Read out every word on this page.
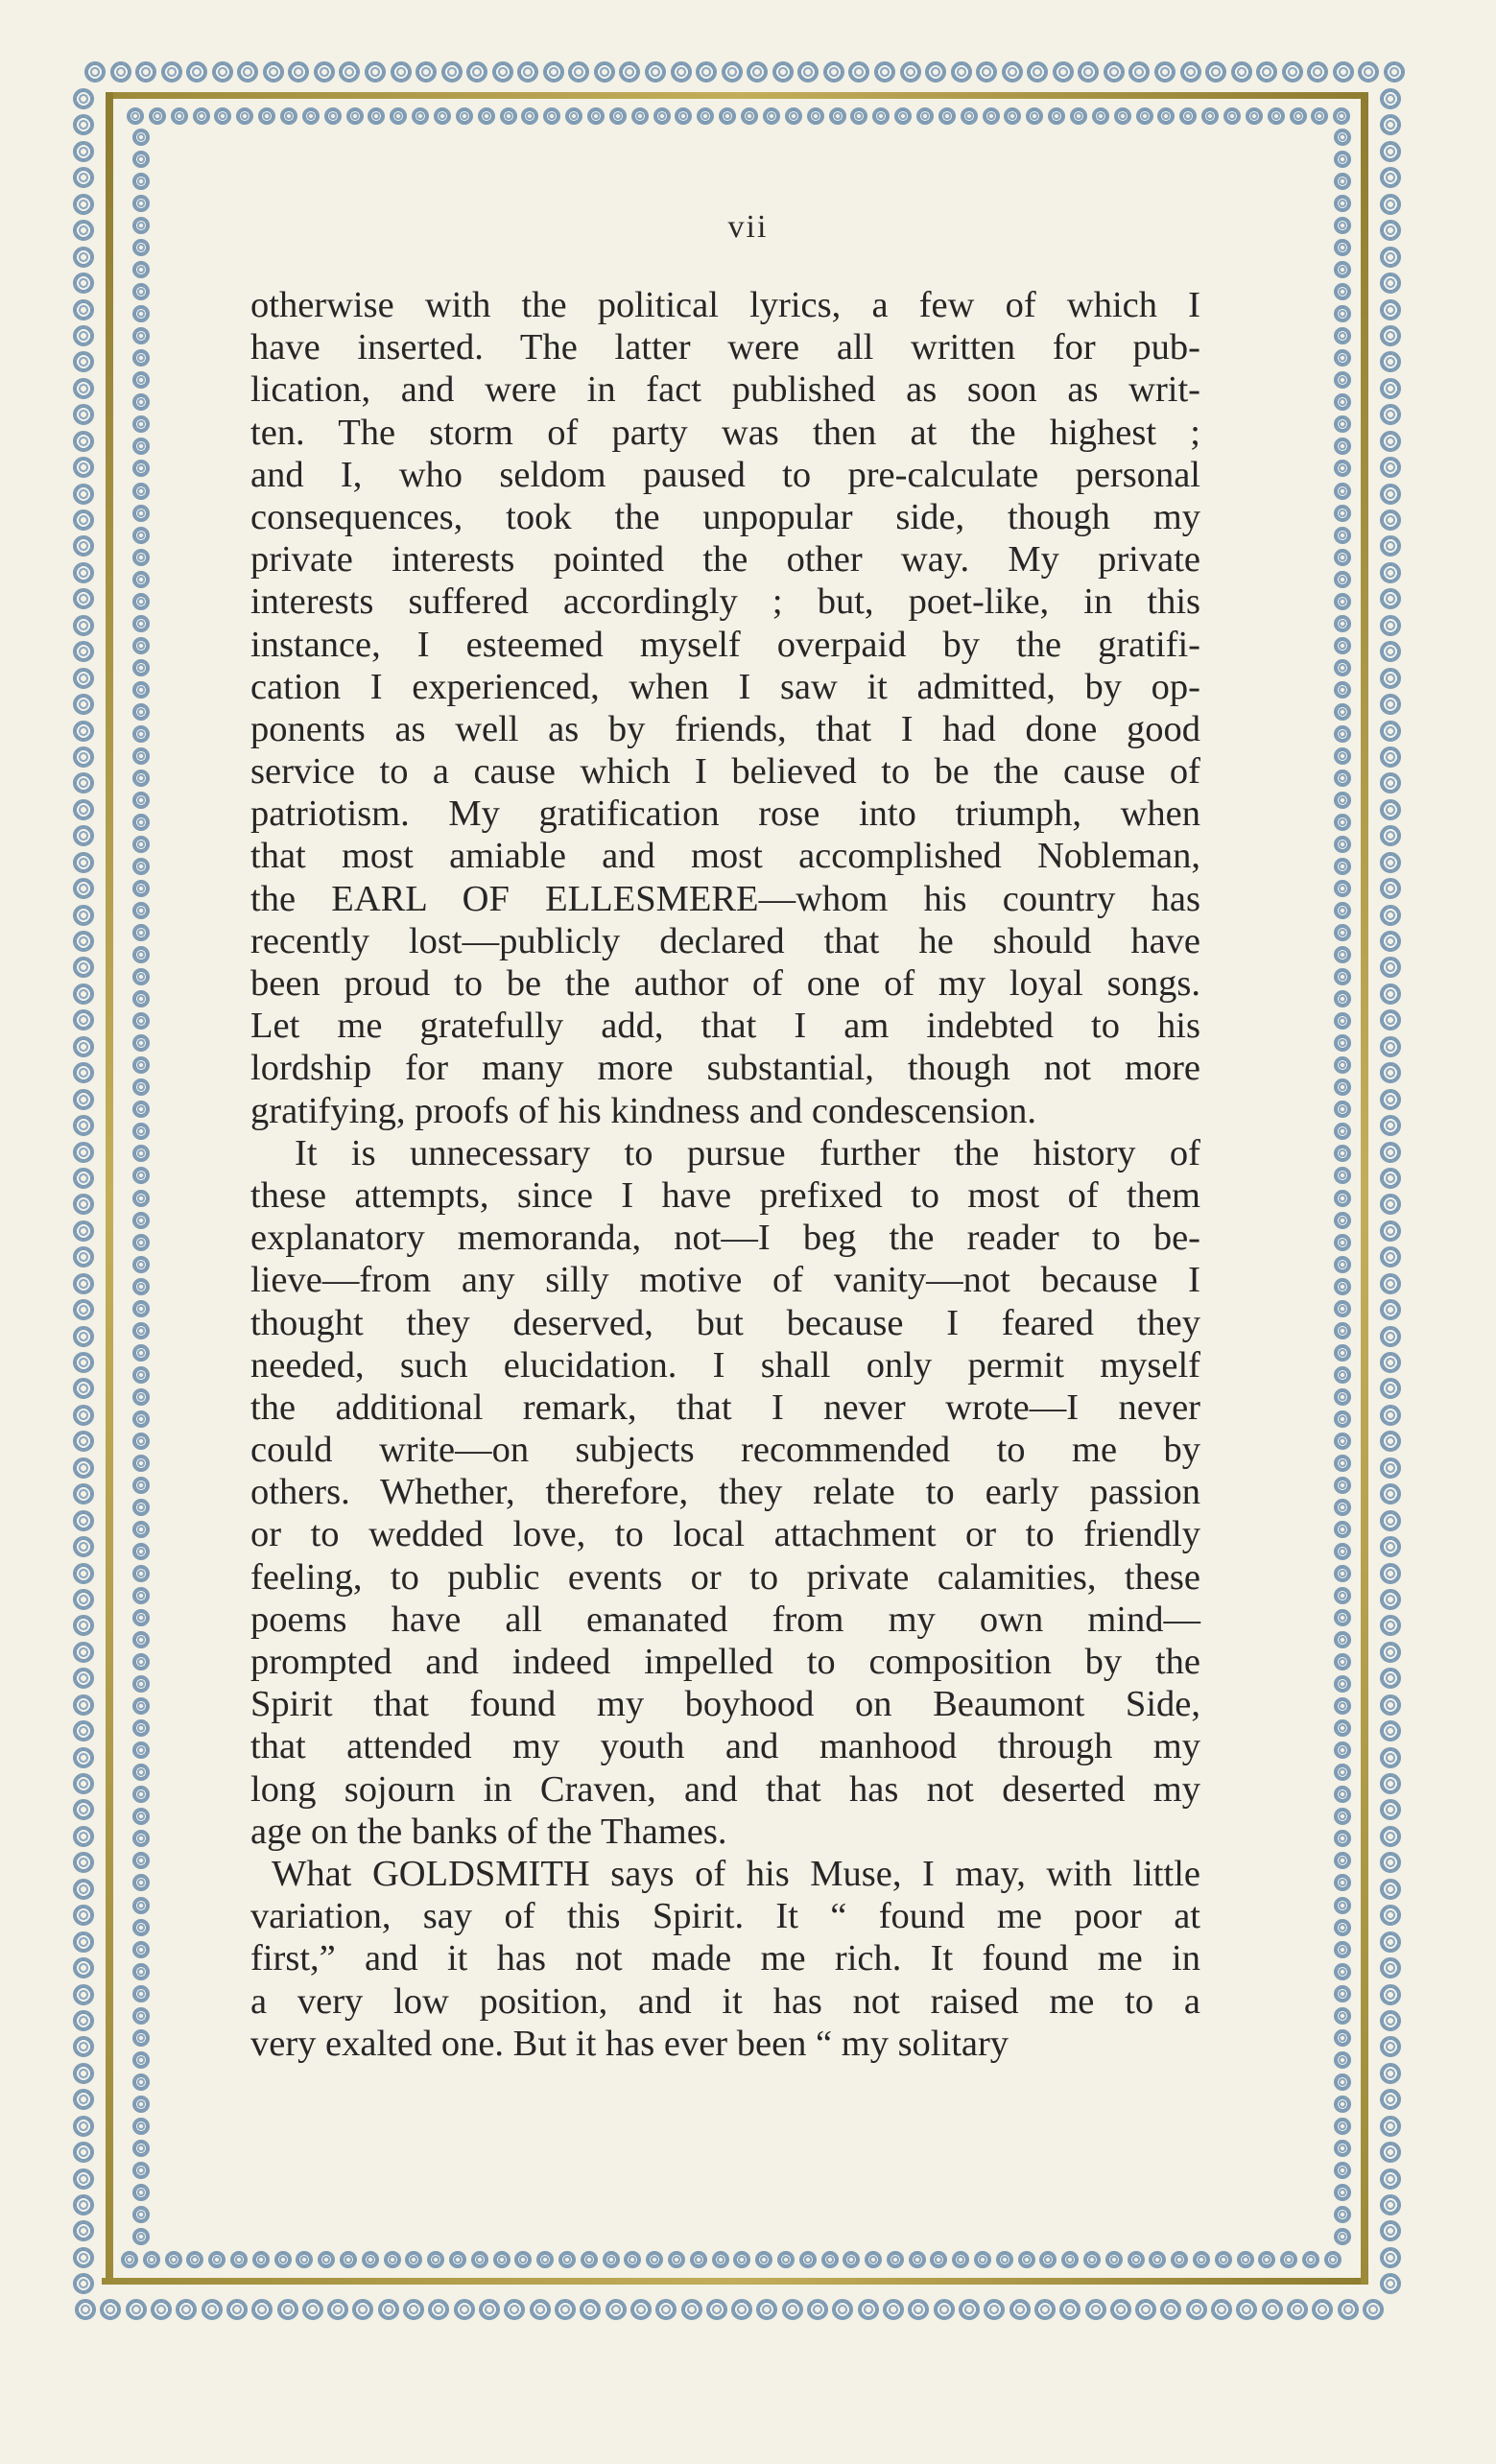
vii
otherwise with the political lyrics, a few of which I
have inserted. The latter were all written for pub-
lication, and were in fact published as soon as writ-
ten. The storm of party was then at the highest ;
and I, who seldom paused to pre-calculate personal
consequences, took the unpopular side, though my
private interests pointed the other way. My private
interests suffered accordingly ; but, poet-like, in this
instance, I esteemed myself overpaid by the gratifi-
cation I experienced, when I saw it admitted, by op-
ponents as well as by friends, that I had done good
service to a cause which I believed to be the cause of
patriotism. My gratification rose into triumph, when
that most amiable and most accomplished Nobleman,
the EARL OF ELLESMERE—whom his country has
recently lost—publicly declared that he should have
been proud to be the author of one of my loyal songs.
Let me gratefully add, that I am indebted to his
lordship for many more substantial, though not more
gratifying, proofs of his kindness and condescension.
It is unnecessary to pursue further the history of
these attempts, since I have prefixed to most of them
explanatory memoranda, not—I beg the reader to be-
lieve—from any silly motive of vanity—not because I
thought they deserved, but because I feared they
needed, such elucidation. I shall only permit myself
the additional remark, that I never wrote—I never
could write—on subjects recommended to me by
others. Whether, therefore, they relate to early passion
or to wedded love, to local attachment or to friendly
feeling, to public events or to private calamities, these
poems have all emanated from my own mind—
prompted and indeed impelled to composition by the
Spirit that found my boyhood on Beaumont Side,
that attended my youth and manhood through my
long sojourn in Craven, and that has not deserted my
age on the banks of the Thames.
What GOLDSMITH says of his Muse, I may, with little
variation, say of this Spirit. It “ found me poor at
first,” and it has not made me rich. It found me in
a very low position, and it has not raised me to a
very exalted one. But it has ever been “ my solitary
